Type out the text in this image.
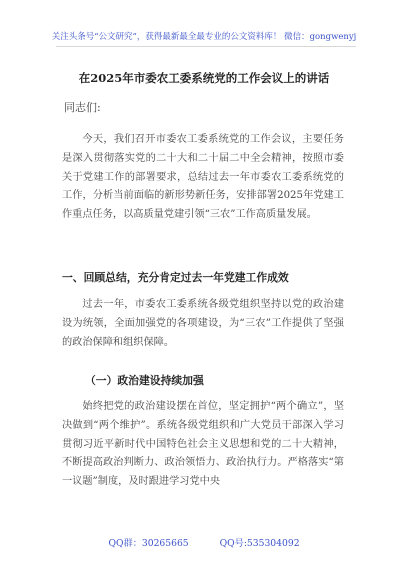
关注头条号“公文研究”，获得最新最全最专业的公文资料库！ 微信：gongwenyj
在2025年市委农工委系统党的工作会议上的讲话
同志们:

今天，我们召开市委农工委系统党的工作会议，主要任务是深入贯彻落实党的二十大和二十届二中全会精神，按照市委关于党建工作的部署要求，总结过去一年市委农工委系统党的工作，分析当前面临的新形势新任务，安排部署2025年党建工作重点任务，以高质量党建引领“三农”工作高质量发展。

一、回顾总结，充分肯定过去一年党建工作成效

过去一年，市委农工委系统各级党组织坚持以党的政治建设为统领，全面加强党的各项建设，为“三农”工作提供了坚强的政治保障和组织保障。

（一）政治建设持续加强

始终把党的政治建设摆在首位，坚定拥护“两个确立”，坚决做到“两个维护”。系统各级党组织和广大党员干部深入学习贯彻习近平新时代中国特色社会主义思想和党的二十大精神，不断提高政治判断力、政治领悟力、政治执行力。严格落实“第一议题”制度，及时跟进学习党中央

QQ群：30265665	QQ号:535304092
